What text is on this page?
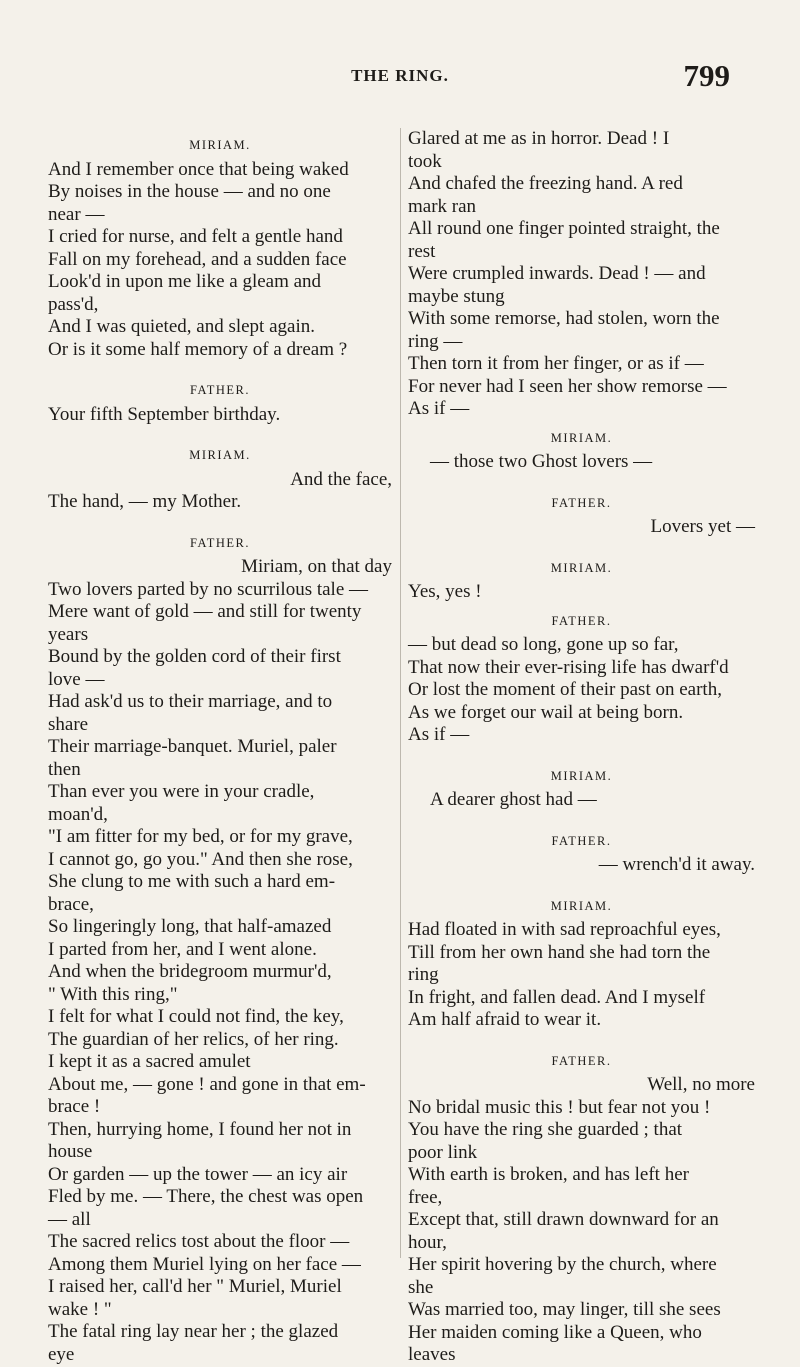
THE RING.	799
MIRIAM.
And I remember once that being waked
By noises in the house — and no one
near —
I cried for nurse, and felt a gentle hand
Fall on my forehead, and a sudden face
Look'd in upon me like a gleam and
pass'd,
And I was quieted, and slept again.
Or is it some half memory of a dream ?
FATHER.
Your fifth September birthday.
MIRIAM.
And the face,
The hand, — my Mother.
FATHER.
Miriam, on that day
Two lovers parted by no scurrilous tale —
Mere want of gold — and still for twenty
years
Bound by the golden cord of their first
love —
Had ask'd us to their marriage, and to
share
Their marriage-banquet. Muriel, paler
then
Than ever you were in your cradle,
moan'd,
"I am fitter for my bed, or for my grave,
I cannot go, go you." And then she rose,
She clung to me with such a hard em-
brace,
So lingeringly long, that half-amazed
I parted from her, and I went alone.
And when the bridegroom murmur'd,
" With this ring,"
I felt for what I could not find, the key,
The guardian of her relics, of her ring.
I kept it as a sacred amulet
About me, — gone ! and gone in that em-
brace !
Then, hurrying home, I found her not in
house
Or garden — up the tower — an icy air
Fled by me. — There, the chest was open
— all
The sacred relics tost about the floor —
Among them Muriel lying on her face —
I raised her, call'd her " Muriel, Muriel
wake ! "
The fatal ring lay near her ; the glazed
eye
Glared at me as in horror. Dead ! I
took
And chafed the freezing hand. A red
mark ran
All round one finger pointed straight, the
rest
Were crumpled inwards. Dead ! — and
maybe stung
With some remorse, had stolen, worn the
ring —
Then torn it from her finger, or as if —
For never had I seen her show remorse —
As if —
MIRIAM.
— those two Ghost lovers —
FATHER.
Lovers yet —
MIRIAM.
Yes, yes !
FATHER.
— but dead so long, gone up so far,
That now their ever-rising life has dwarf'd
Or lost the moment of their past on earth,
As we forget our wail at being born.
As if —
MIRIAM.
A dearer ghost had —
FATHER.
— wrench'd it away.
MIRIAM.
Had floated in with sad reproachful eyes,
Till from her own hand she had torn the
ring
In fright, and fallen dead. And I myself
Am half afraid to wear it.
FATHER.
Well, no more
No bridal music this ! but fear not you !
You have the ring she guarded ; that
poor link
With earth is broken, and has left her
free,
Except that, still drawn downward for an
hour,
Her spirit hovering by the church, where
she
Was married too, may linger, till she sees
Her maiden coming like a Queen, who
leaves
